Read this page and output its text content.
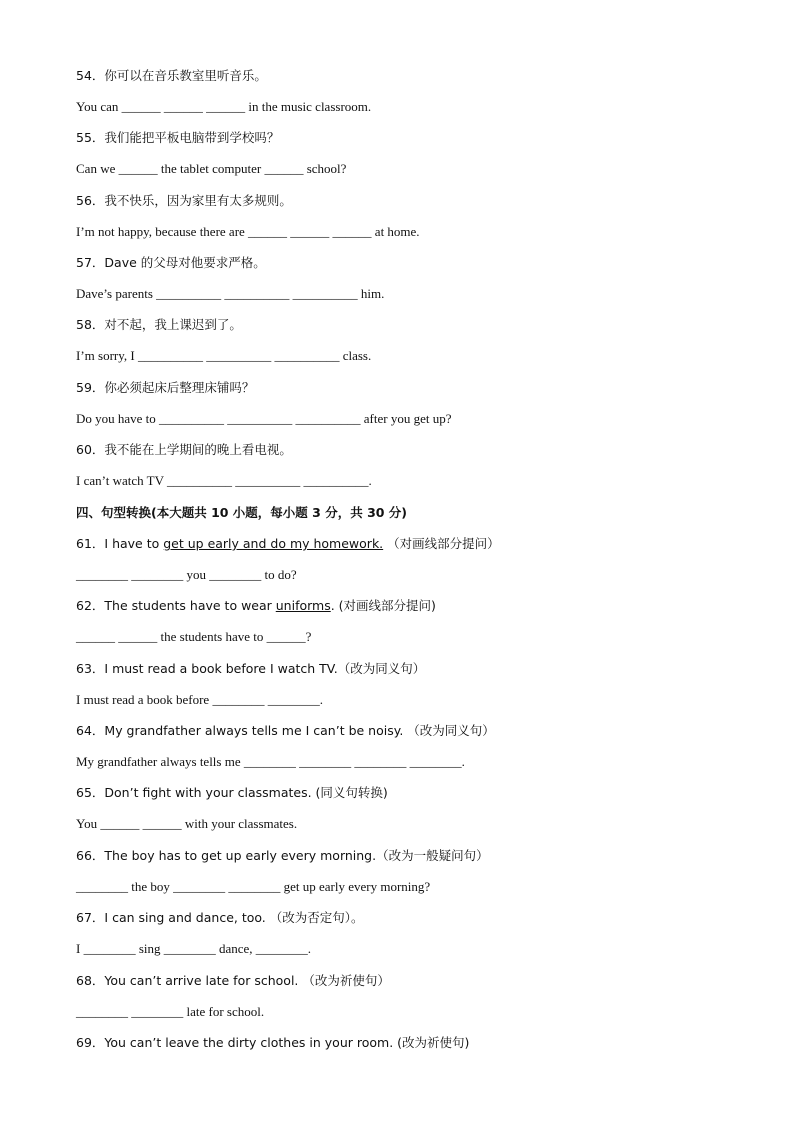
54．你可以在音乐教室里听音乐。
You can ______ ______ ______ in the music classroom.
55．我们能把平板电脑带到学校吗？
Can we ______ the tablet computer ______ school?
56．我不快乐，因为家里有太多规则。
I’m not happy, because there are ______ ______ ______ at home.
57．Dave 的父母对他要求严格。
Dave’s parents __________ __________ __________ him.
58．对不起，我上课迟到了。
I’m sorry, I __________ __________ __________ class.
59．你必须起床后整理床铺吗？
Do you have to __________ __________ __________ after you get up?
60．我不能在上学期间的晚上看电视。
I can’t watch TV __________ __________ __________.
四、句型转换(本大题共 10 小题，每小题 3 分，共 30 分)
61．I have to get up early and do my homework. （对画线部分提问）
________ ________ you ________ to do?
62．The students have to wear uniforms. (对画线部分提问)
______ ______ the students have to ______?
63．I must read a book before I watch TV.（改为同义句）
I must read a book before ________ ________.
64．My grandfather always tells me I can’t be noisy. （改为同义句）
My grandfather always tells me ________ ________ ________ ________.
65．Don’t fight with your classmates. (同义句转换)
You ______ ______ with your classmates.
66．The boy has to get up early every morning.（改为一般疑问句）
________ the boy ________ ________ get up early every morning?
67．I can sing and dance, too. （改为否定句）。
I ________ sing ________ dance, ________.
68．You can’t arrive late for school. （改为祈使句）
________ ________ late for school.
69．You can’t leave the dirty clothes in your room. (改为祈使句)
